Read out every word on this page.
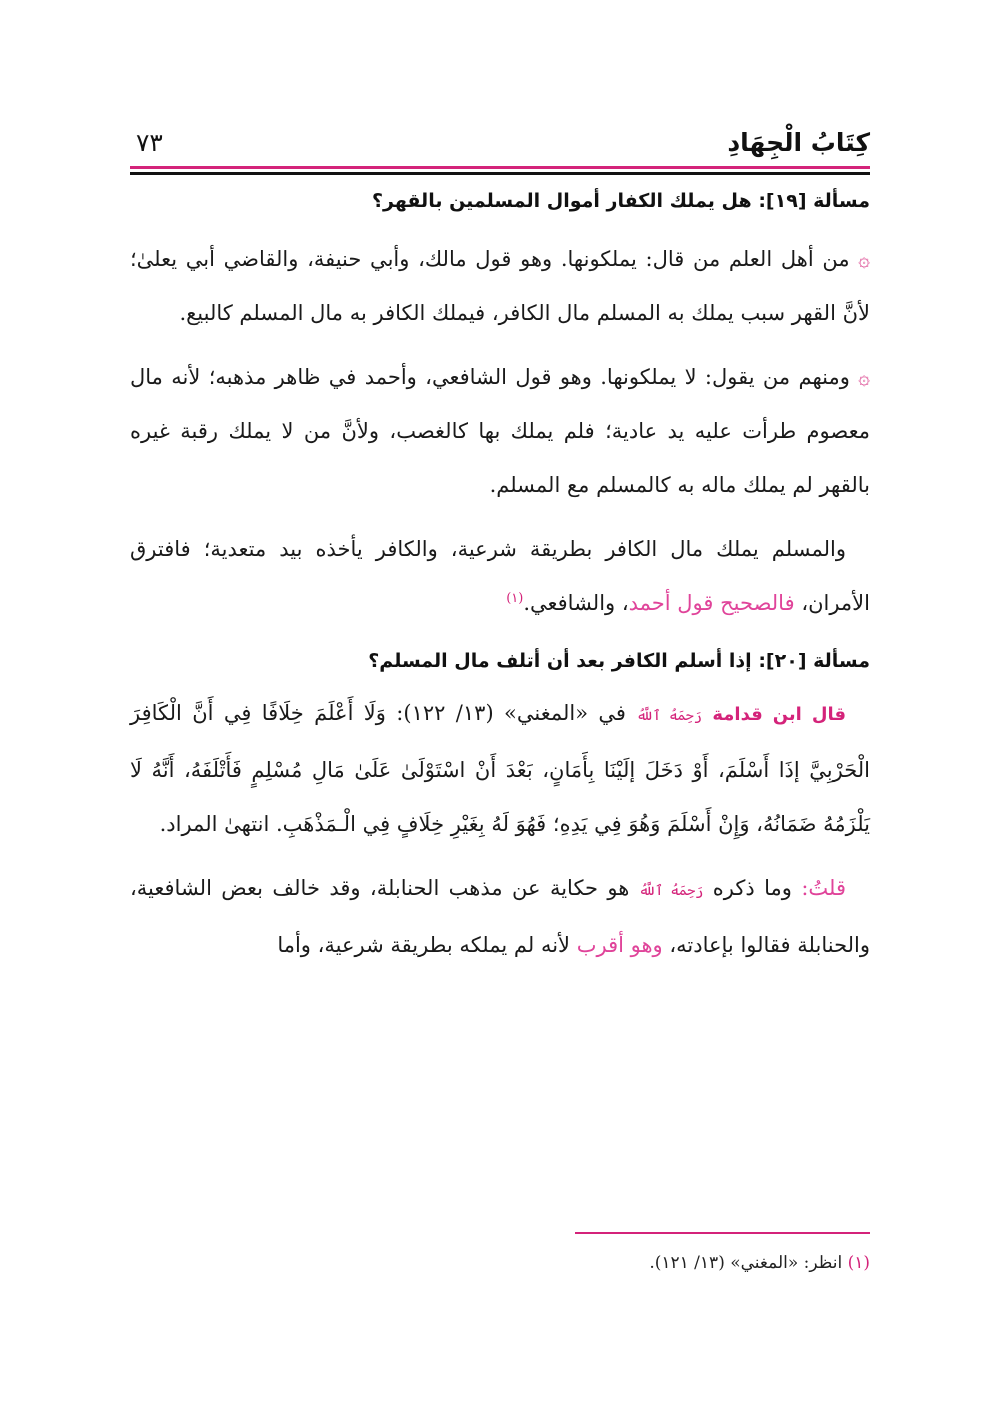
كِتَابُ الْجِهَادِ
٧٣
مسألة [١٩]: هل يملك الكفار أموال المسلمين بالقهر؟

۞ من أهل العلم من قال: يملكونها. وهو قول مالك، وأبي حنيفة، والقاضي أبي يعلىٰ؛ لأنَّ القهر سبب يملك به المسلم مال الكافر، فيملك الكافر به مال المسلم كالبيع.

۞ ومنهم من يقول: لا يملكونها. وهو قول الشافعي، وأحمد في ظاهر مذهبه؛ لأنه مال معصوم طرأت عليه يد عادية؛ فلم يملك بها كالغصب، ولأنَّ من لا يملك رقبة غيره بالقهر لم يملك ماله به كالمسلم مع المسلم.

والمسلم يملك مال الكافر بطريقة شرعية، والكافر يأخذه بيد متعدية؛ فافترق الأمران، فالصحيح قول أحمد، والشافعي.$^{(١)}$

مسألة [٢٠]: إذا أسلم الكافر بعد أن أتلف مال المسلم؟

قال ابن قدامة رَحِمَهُ ٱللَّهُ في «المغني» (١٣/ ١٢٢): وَلَا أَعْلَمَ خِلَافًا فِي أَنَّ الْكَافِرَ الْحَرْبِيَّ إذَا أَسْلَمَ، أَوْ دَخَلَ إلَيْنَا بِأَمَانٍ، بَعْدَ أَنْ اسْتَوْلَىٰ عَلَىٰ مَالِ مُسْلِمٍ فَأَتْلَفَهُ، أَنَّهُ لَا يَلْزَمُهُ ضَمَانُهُ، وَإِنْ أَسْلَمَ وَهُوَ فِي يَدِهِ؛ فَهُوَ لَهُ بِغَيْرِ خِلَافٍ فِي الْـمَذْهَبِ. انتهىٰ المراد.

قلتُ: وما ذكره رَحِمَهُ ٱللَّهُ هو حكاية عن مذهب الحنابلة، وقد خالف بعض الشافعية، والحنابلة فقالوا بإعادته، وهو أقرب لأنه لم يملكه بطريقة شرعية، وأما

(١) انظر: «المغني» (١٣/ ١٢١).
